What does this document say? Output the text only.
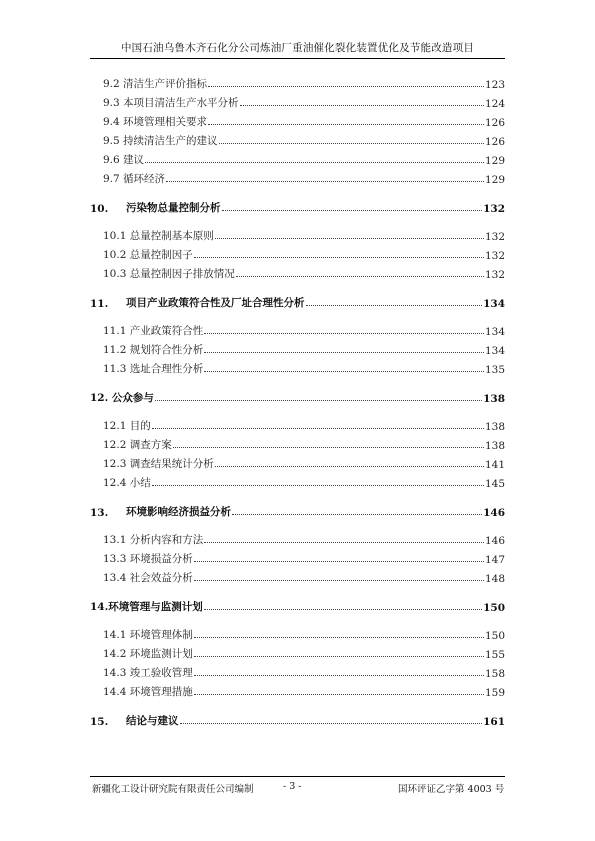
中国石油乌鲁木齐石化分公司炼油厂重油催化裂化装置优化及节能改造项目
9.2 清洁生产评价指标	123
9.3 本项目清洁生产水平分析	124
9.4 环境管理相关要求	126
9.5 持续清洁生产的建议	126
9.6 建议	129
9.7 循环经济	129
10.	污染物总量控制分析	132
10.1 总量控制基本原则	132
10.2 总量控制因子	132
10.3 总量控制因子排放情况	132
11.	项目产业政策符合性及厂址合理性分析	134
11.1 产业政策符合性	134
11.2 规划符合性分析	134
11.3 选址合理性分析	135
12. 公众参与	138
12.1 目的	138
12.2 调查方案	138
12.3 调查结果统计分析	141
12.4 小结	145
13.	环境影响经济损益分析	146
13.1 分析内容和方法	146
13.3 环境损益分析	147
13.4 社会效益分析	148
14.环境管理与监测计划	150
14.1 环境管理体制	150
14.2 环境监测计划	155
14.3 竣工验收管理	158
14.4 环境管理措施	159
15.	结论与建议	161
新疆化工设计研究院有限责任公司编制	- 3 -	国环评证乙字第 4003 号
